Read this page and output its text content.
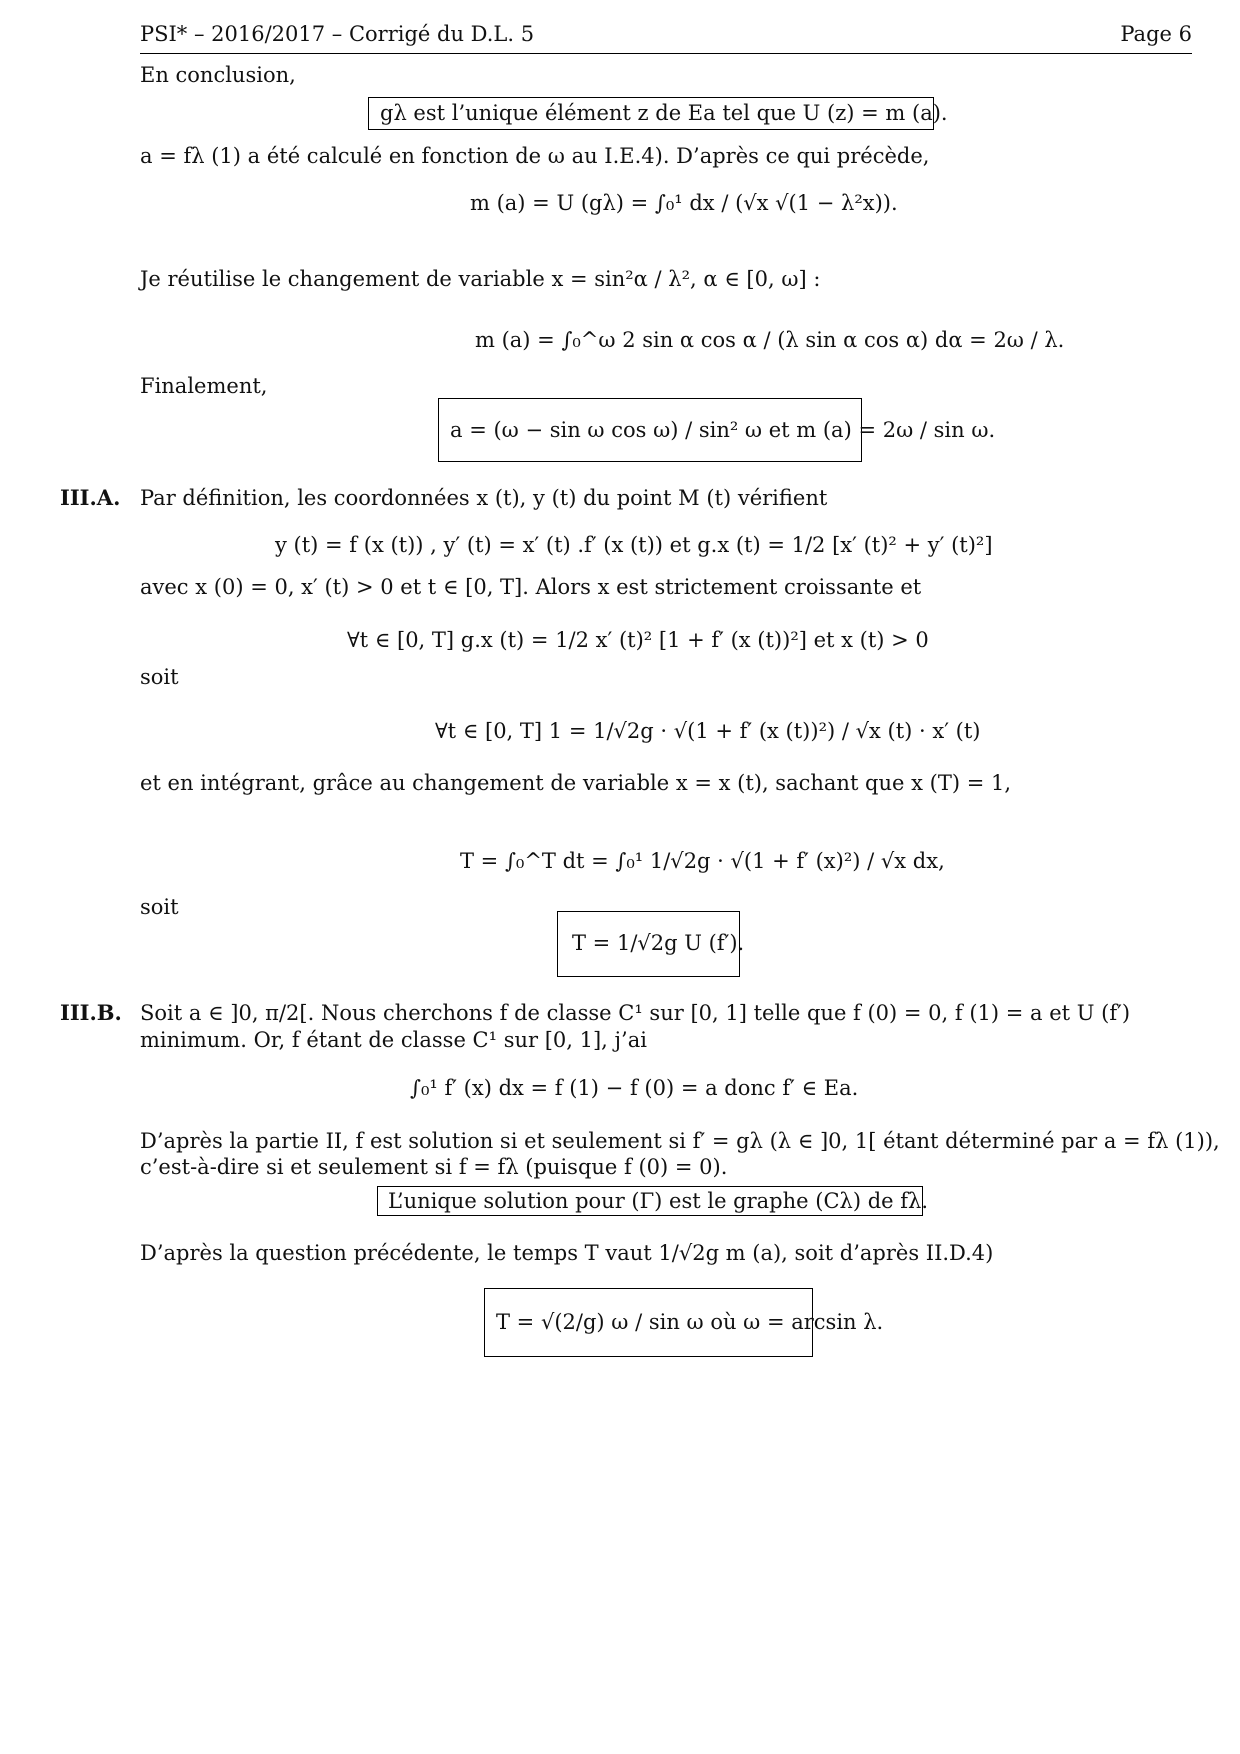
PSI* – 2016/2017 – Corrigé du D.L. 5	Page 6
En conclusion,
gλ est l’unique élément z de Ea tel que U (z) = m (a).
a = fλ (1) a été calculé en fonction de ω au I.E.4). D’après ce qui précède,
m (a) = U (gλ) = ∫₀¹ dx / (√x √(1 − λ²x)).
Je réutilise le changement de variable x = sin²α / λ², α ∈ [0, ω] :
m (a) = ∫₀^ω 2 sin α cos α / (λ sin α cos α) dα = 2ω / λ.
Finalement,
a = (ω − sin ω cos ω) / sin² ω et m (a) = 2ω / sin ω.
III.A. Par définition, les coordonnées x (t), y (t) du point M (t) vérifient
y (t) = f (x (t)) , y′ (t) = x′ (t) .f′ (x (t)) et g.x (t) = 1/2 [x′ (t)² + y′ (t)²]
avec x (0) = 0, x′ (t) > 0 et t ∈ [0, T]. Alors x est strictement croissante et
∀t ∈ [0, T] g.x (t) = 1/2 x′ (t)² [1 + f′ (x (t))²] et x (t) > 0
soit
∀t ∈ [0, T] 1 = 1/√2g · √(1 + f′ (x (t))²) / √x (t) · x′ (t)
et en intégrant, grâce au changement de variable x = x (t), sachant que x (T) = 1,
T = ∫₀^T dt = ∫₀¹ 1/√2g · √(1 + f′ (x)²) / √x dx,
soit
T = 1/√2g U (f′).
III.B. Soit a ∈ ]0, π/2[. Nous cherchons f de classe C¹ sur [0, 1] telle que f (0) = 0, f (1) = a et U (f′)
minimum. Or, f étant de classe C¹ sur [0, 1], j’ai
∫₀¹ f′ (x) dx = f (1) − f (0) = a donc f′ ∈ Ea.
D’après la partie II, f est solution si et seulement si f′ = gλ (λ ∈ ]0, 1[ étant déterminé par a = fλ (1)),
c’est-à-dire si et seulement si f = fλ (puisque f (0) = 0).
L’unique solution pour (Γ) est le graphe (Cλ) de fλ.
D’après la question précédente, le temps T vaut 1/√2g m (a), soit d’après II.D.4)
T = √(2/g) ω / sin ω où ω = arcsin λ.
